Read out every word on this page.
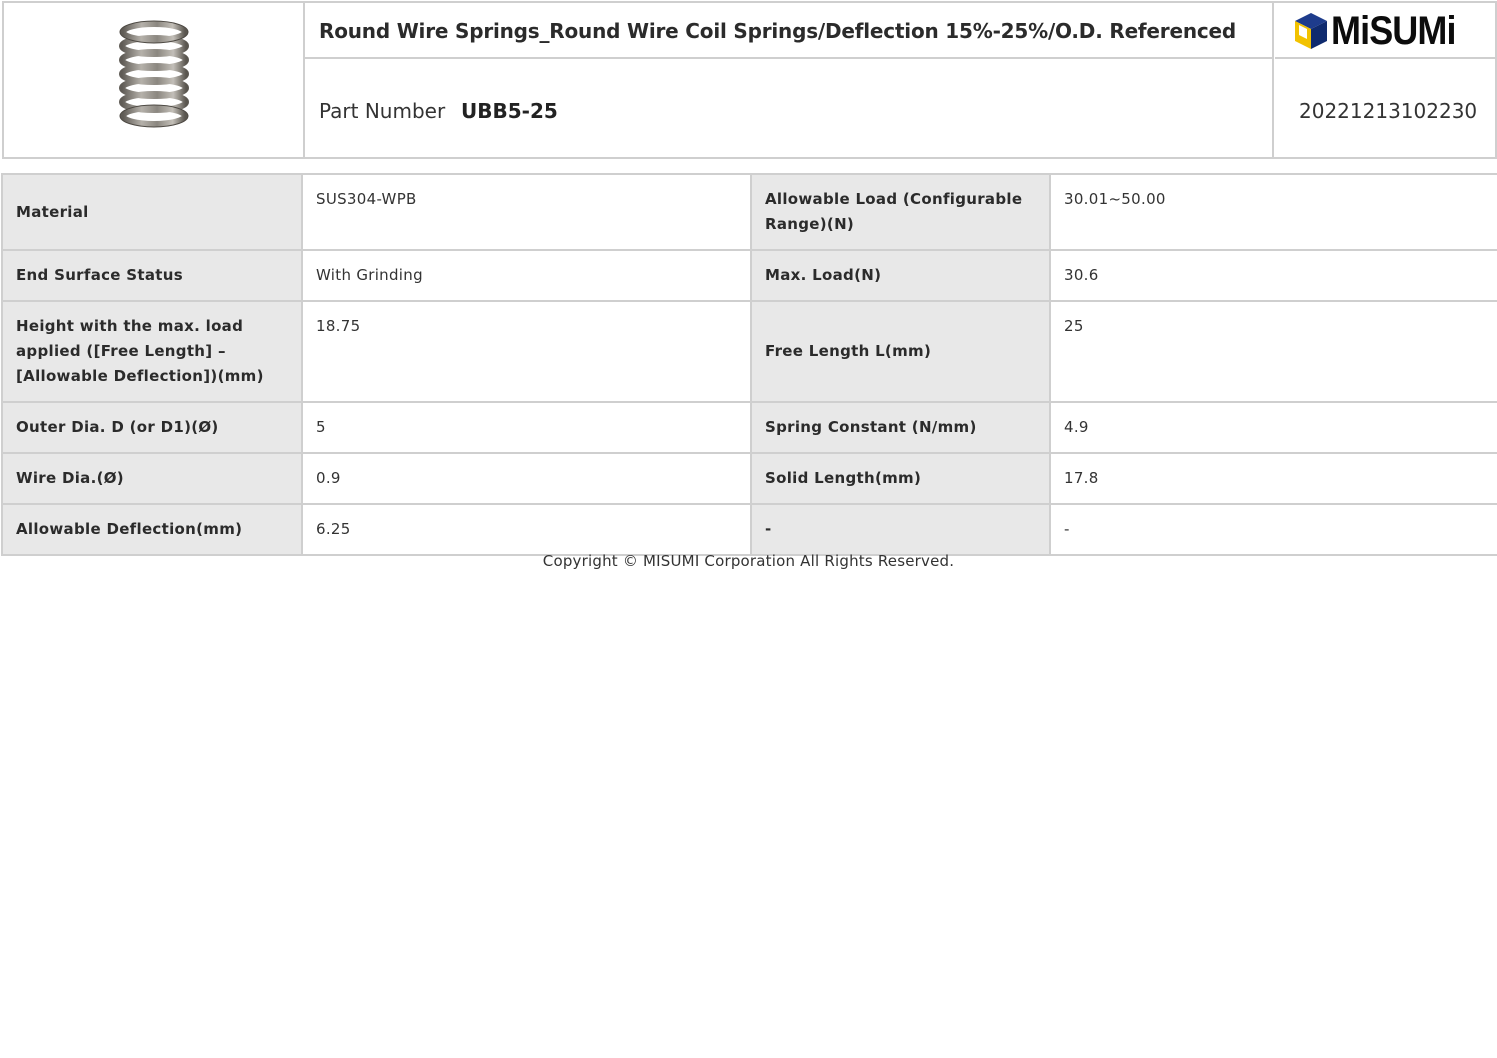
Round Wire Springs_Round Wire Coil Springs/Deflection 15%-25%/O.D. Referenced MiSUMi
Part Number UBB5-25	20221213102230
Material	SUS304-WPB	Allowable Load (Configurable Range)(N)	30.01~50.00
End Surface Status	With Grinding	Max. Load(N)	30.6
Height with the max. load applied ([Free Length] – [Allowable Deflection])(mm)	18.75	Free Length L(mm)	25
Outer Dia. D (or D1)(Ø)	5	Spring Constant (N/mm)	4.9
Wire Dia.(Ø)	0.9	Solid Length(mm)	17.8
Allowable Deflection(mm)	6.25	-	-
Copyright © MISUMI Corporation All Rights Reserved.
